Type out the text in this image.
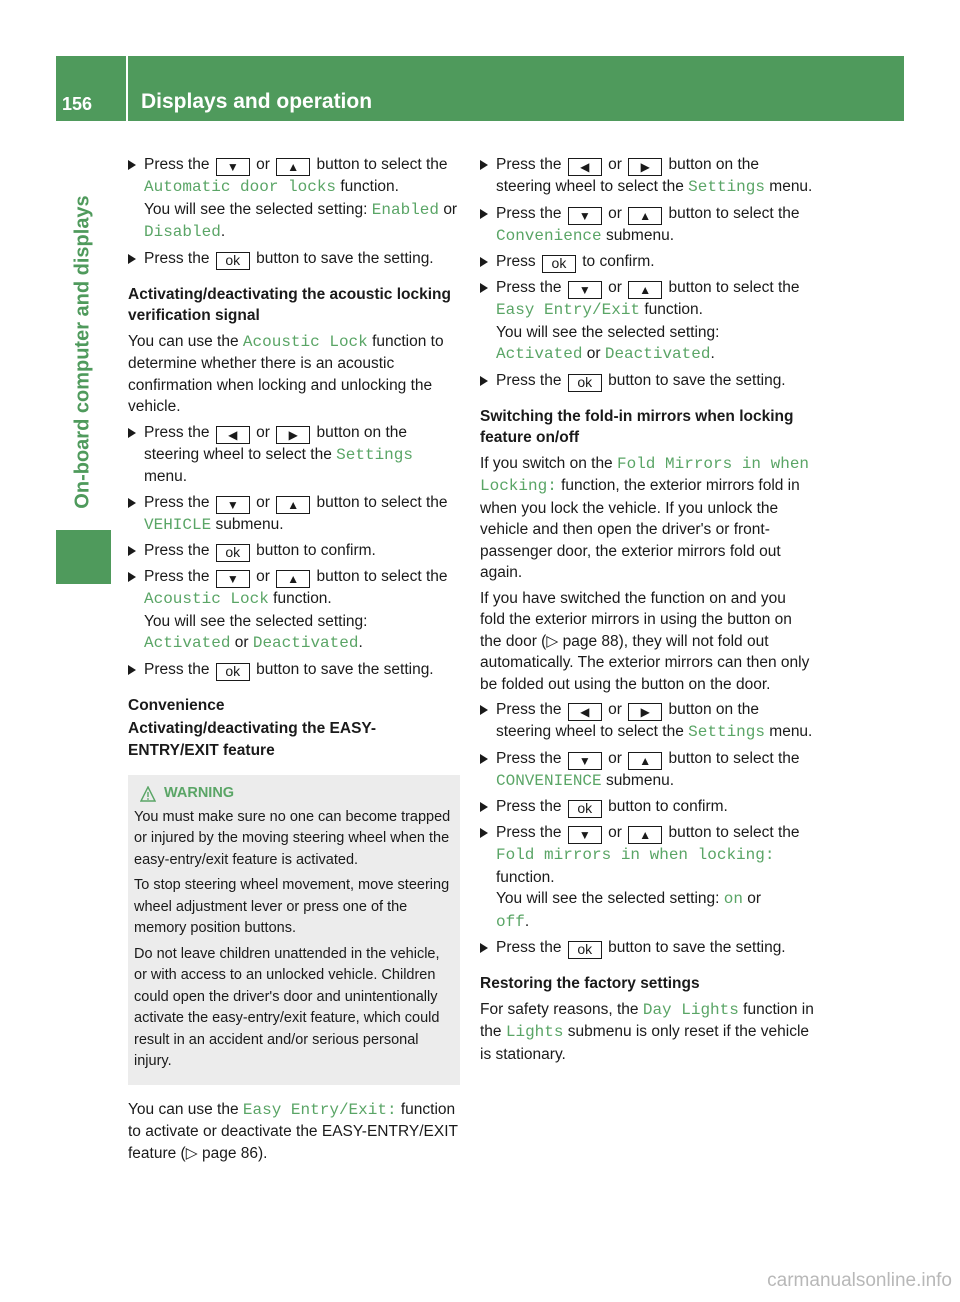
156	Displays and operation
On-board computer and displays
Press the ▼ or ▲ button to select the Automatic door locks function.
You will see the selected setting: Enabled or Disabled.
Press the ok button to save the setting.
Activating/deactivating the acoustic locking verification signal
You can use the Acoustic Lock function to determine whether there is an acoustic confirmation when locking and unlocking the vehicle.
Press the ◀ or ▶ button on the steering wheel to select the Settings menu.
Press the ▼ or ▲ button to select the VEHICLE submenu.
Press the ok button to confirm.
Press the ▼ or ▲ button to select the Acoustic Lock function.
You will see the selected setting:
Activated or Deactivated.
Press the ok button to save the setting.
Convenience
Activating/deactivating the EASY-ENTRY/EXIT feature
WARNING
You must make sure no one can become trapped or injured by the moving steering wheel when the easy-entry/exit feature is activated.
To stop steering wheel movement, move steering wheel adjustment lever or press one of the memory position buttons.
Do not leave children unattended in the vehicle, or with access to an unlocked vehicle. Children could open the driver's door and unintentionally activate the easy-entry/exit feature, which could result in an accident and/or serious personal injury.
You can use the Easy Entry/Exit: function to activate or deactivate the EASY-ENTRY/EXIT feature (▷ page 86).
Press the ◀ or ▶ button on the steering wheel to select the Settings menu.
Press the ▼ or ▲ button to select the Convenience submenu.
Press ok to confirm.
Press the ▼ or ▲ button to select the Easy Entry/Exit function.
You will see the selected setting:
Activated or Deactivated.
Press the ok button to save the setting.
Switching the fold-in mirrors when locking feature on/off
If you switch on the Fold Mirrors in when Locking: function, the exterior mirrors fold in when you lock the vehicle. If you unlock the vehicle and then open the driver's or front-passenger door, the exterior mirrors fold out again.
If you have switched the function on and you fold the exterior mirrors in using the button on the door (▷ page 88), they will not fold out automatically. The exterior mirrors can then only be folded out using the button on the door.
Press the ◀ or ▶ button on the steering wheel to select the Settings menu.
Press the ▼ or ▲ button to select the CONVENIENCE submenu.
Press the ok button to confirm.
Press the ▼ or ▲ button to select the Fold mirrors in when locking:
function.
You will see the selected setting: on or
off.
Press the ok button to save the setting.
Restoring the factory settings
For safety reasons, the Day Lights function in the Lights submenu is only reset if the vehicle is stationary.
carmanualsonline.info
